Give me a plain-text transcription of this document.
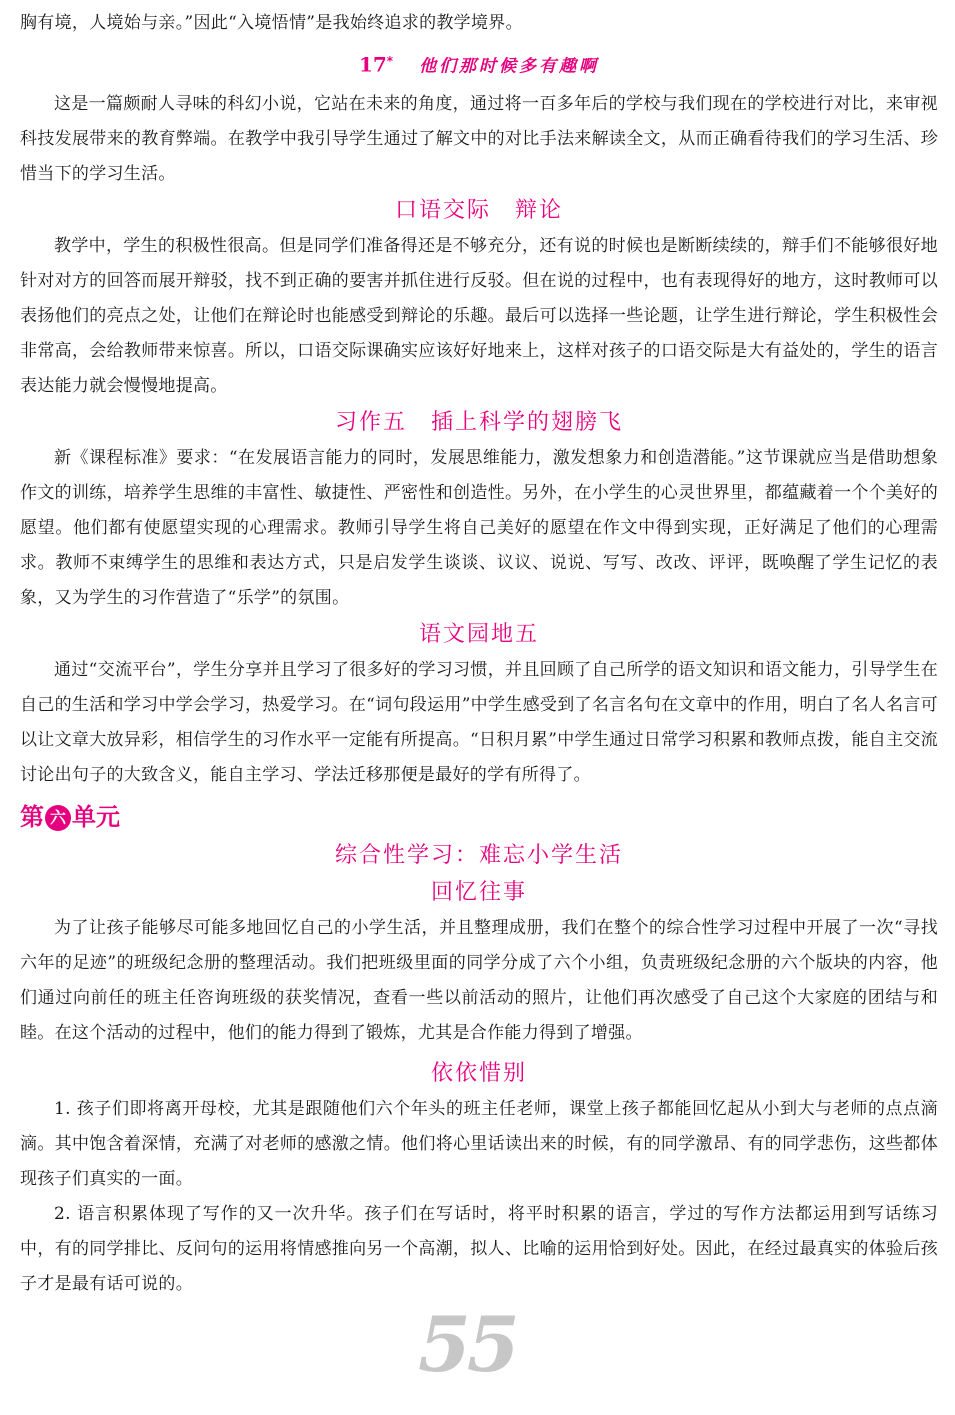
胸有境，人境始与亲。”因此“入境悟情”是我始终追求的教学境界。

17* 他们那时候多有趣啊

这是一篇颇耐人寻味的科幻小说，它站在未来的角度，通过将一百多年后的学校与我们现在的学校进行对比，来审视科技发展带来的教育弊端。在教学中我引导学生通过了解文中的对比手法来解读全文，从而正确看待我们的学习生活、珍惜当下的学习生活。

口语交际　辩论

教学中，学生的积极性很高。但是同学们准备得还是不够充分，还有说的时候也是断断续续的，辩手们不能够很好地针对对方的回答而展开辩驳，找不到正确的要害并抓住进行反驳。但在说的过程中，也有表现得好的地方，这时教师可以表扬他们的亮点之处，让他们在辩论时也能感受到辩论的乐趣。最后可以选择一些论题，让学生进行辩论，学生积极性会非常高，会给教师带来惊喜。所以，口语交际课确实应该好好地来上，这样对孩子的口语交际是大有益处的，学生的语言表达能力就会慢慢地提高。

习作五　插上科学的翅膀飞

新《课程标准》要求：“在发展语言能力的同时，发展思维能力，激发想象力和创造潜能。”这节课就应当是借助想象作文的训练，培养学生思维的丰富性、敏捷性、严密性和创造性。另外，在小学生的心灵世界里，都蕴藏着一个个美好的愿望。他们都有使愿望实现的心理需求。教师引导学生将自己美好的愿望在作文中得到实现，正好满足了他们的心理需求。教师不束缚学生的思维和表达方式，只是启发学生谈谈、议议、说说、写写、改改、评评，既唤醒了学生记忆的表象，又为学生的习作营造了“乐学”的氛围。

语文园地五

通过“交流平台”，学生分享并且学习了很多好的学习习惯，并且回顾了自己所学的语文知识和语文能力，引导学生在自己的生活和学习中学会学习，热爱学习。在“词句段运用”中学生感受到了名言名句在文章中的作用，明白了名人名言可以让文章大放异彩，相信学生的习作水平一定能有所提高。“日积月累”中学生通过日常学习积累和教师点拨，能自主交流讨论出句子的大致含义，能自主学习、学法迁移那便是最好的学有所得了。

第 六 单元
综合性学习：难忘小学生活
回忆往事

为了让孩子能够尽可能多地回忆自己的小学生活，并且整理成册，我们在整个的综合性学习过程中开展了一次“寻找六年的足迹”的班级纪念册的整理活动。我们把班级里面的同学分成了六个小组，负责班级纪念册的六个版块的内容，他们通过向前任的班主任咨询班级的获奖情况，查看一些以前活动的照片，让他们再次感受了自己这个大家庭的团结与和睦。在这个活动的过程中，他们的能力得到了锻炼，尤其是合作能力得到了增强。

依依惜别

1. 孩子们即将离开母校，尤其是跟随他们六个年头的班主任老师，课堂上孩子都能回忆起从小到大与老师的点点滴滴。其中饱含着深情，充满了对老师的感激之情。他们将心里话读出来的时候，有的同学激昂、有的同学悲伤，这些都体现孩子们真实的一面。

2. 语言积累体现了写作的又一次升华。孩子们在写话时，将平时积累的语言，学过的写作方法都运用到写话练习中，有的同学排比、反问句的运用将情感推向另一个高潮，拟人、比喻的运用恰到好处。因此，在经过最真实的体验后孩子才是最有话可说的。

55
